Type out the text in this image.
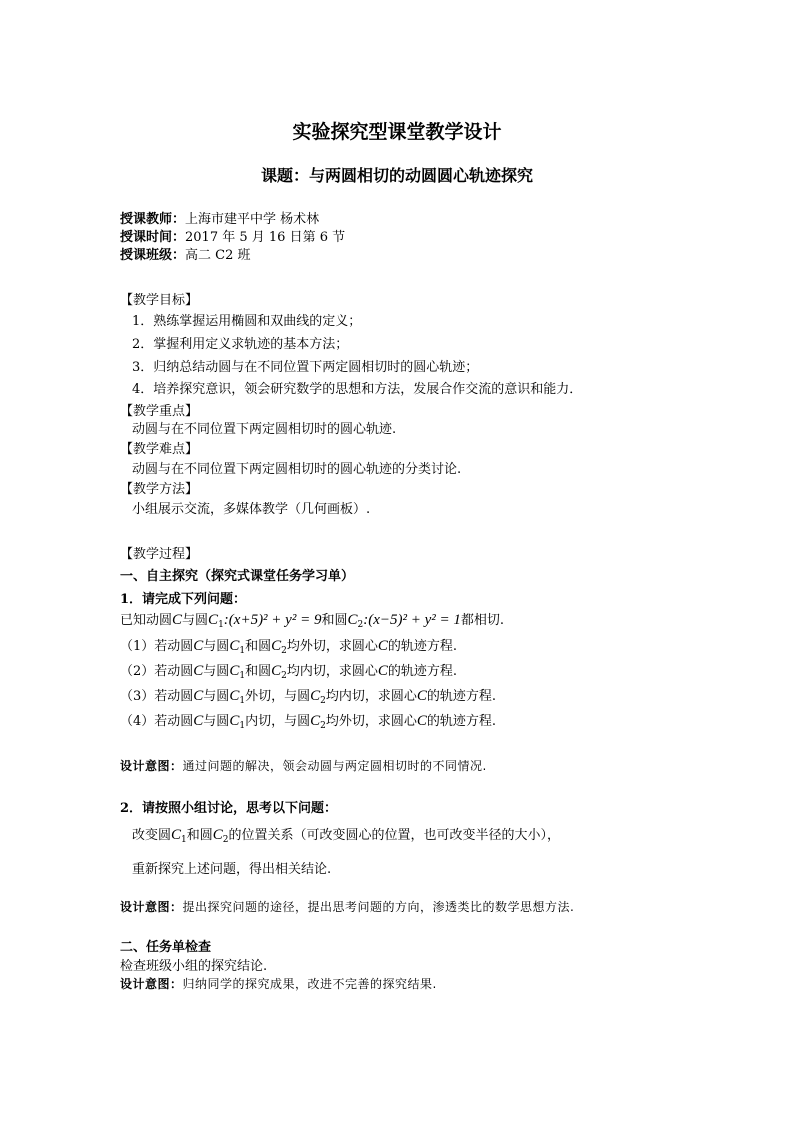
实验探究型课堂教学设计
课题：与两圆相切的动圆圆心轨迹探究
授课教师：上海市建平中学 杨术林
授课时间：2017 年 5 月 16 日第 6 节
授课班级：高二 C2 班
【教学目标】
1．熟练掌握运用椭圆和双曲线的定义；
2．掌握利用定义求轨迹的基本方法；
3．归纳总结动圆与在不同位置下两定圆相切时的圆心轨迹；
4．培养探究意识，领会研究数学的思想和方法，发展合作交流的意识和能力．
【教学重点】
动圆与在不同位置下两定圆相切时的圆心轨迹.
【教学难点】
动圆与在不同位置下两定圆相切时的圆心轨迹的分类讨论.
【教学方法】
小组展示交流，多媒体教学（几何画板）.
【教学过程】
一、自主探究（探究式课堂任务学习单）
1．请完成下列问题：
已知动圆C与圆$C_1:(x+5)^2 + y^2 = 9$和圆$C_2:(x-5)^2 + y^2 = 1$都相切.
（1）若动圆C与圆$C_1$和圆$C_2$均外切，求圆心C的轨迹方程.
（2）若动圆C与圆$C_1$和圆$C_2$均内切，求圆心C的轨迹方程.
（3）若动圆C与圆$C_1$外切，与圆$C_2$均内切，求圆心C的轨迹方程.
（4）若动圆C与圆$C_1$内切，与圆$C_2$均外切，求圆心C的轨迹方程.
设计意图：通过问题的解决，领会动圆与两定圆相切时的不同情况.
2．请按照小组讨论，思考以下问题：
改变圆$C_1$和圆$C_2$的位置关系（可改变圆心的位置，也可改变半径的大小），
重新探究上述问题，得出相关结论.
设计意图：提出探究问题的途径，提出思考问题的方向，渗透类比的数学思想方法.
二、任务单检查
检查班级小组的探究结论.
设计意图：归纳同学的探究成果，改进不完善的探究结果.
